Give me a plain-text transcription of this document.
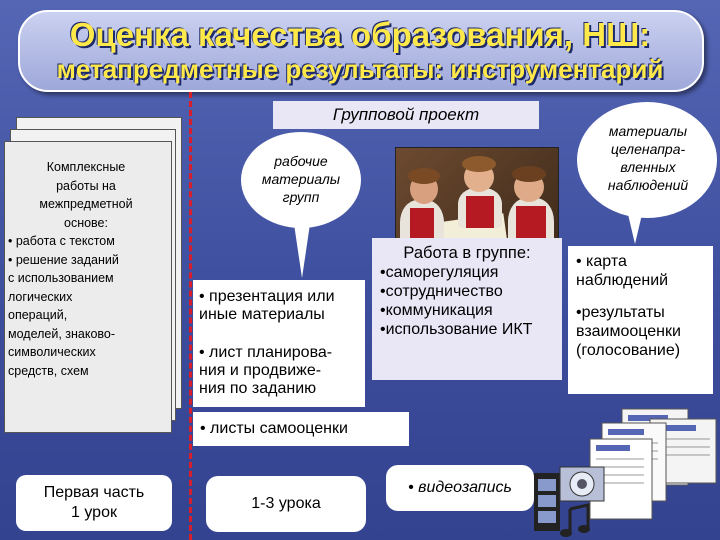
Оценка качества образования, НШ:
метапредметные результаты: инструментарий
Комплексные
работы на
межпредметной
основе:
• работа с текстом
• решение заданий
с использованием
логических
операций,
моделей, знаково-
символических
средств, схем
Групповой проект
рабочие
материалы
групп
материалы
целенапра-
вленных
наблюдений
• презентация или
иные материалы
• лист планирова-
ния и продвиже-
ния по заданию
• листы самооценки
Работа в группе:
•саморегуляция
•сотрудничество
•коммуникация
•использование ИКТ
• карта
наблюдений
•результаты
взаимооценки
(голосование)
Первая часть
1 урок
1-3 урока
• видеозапись
